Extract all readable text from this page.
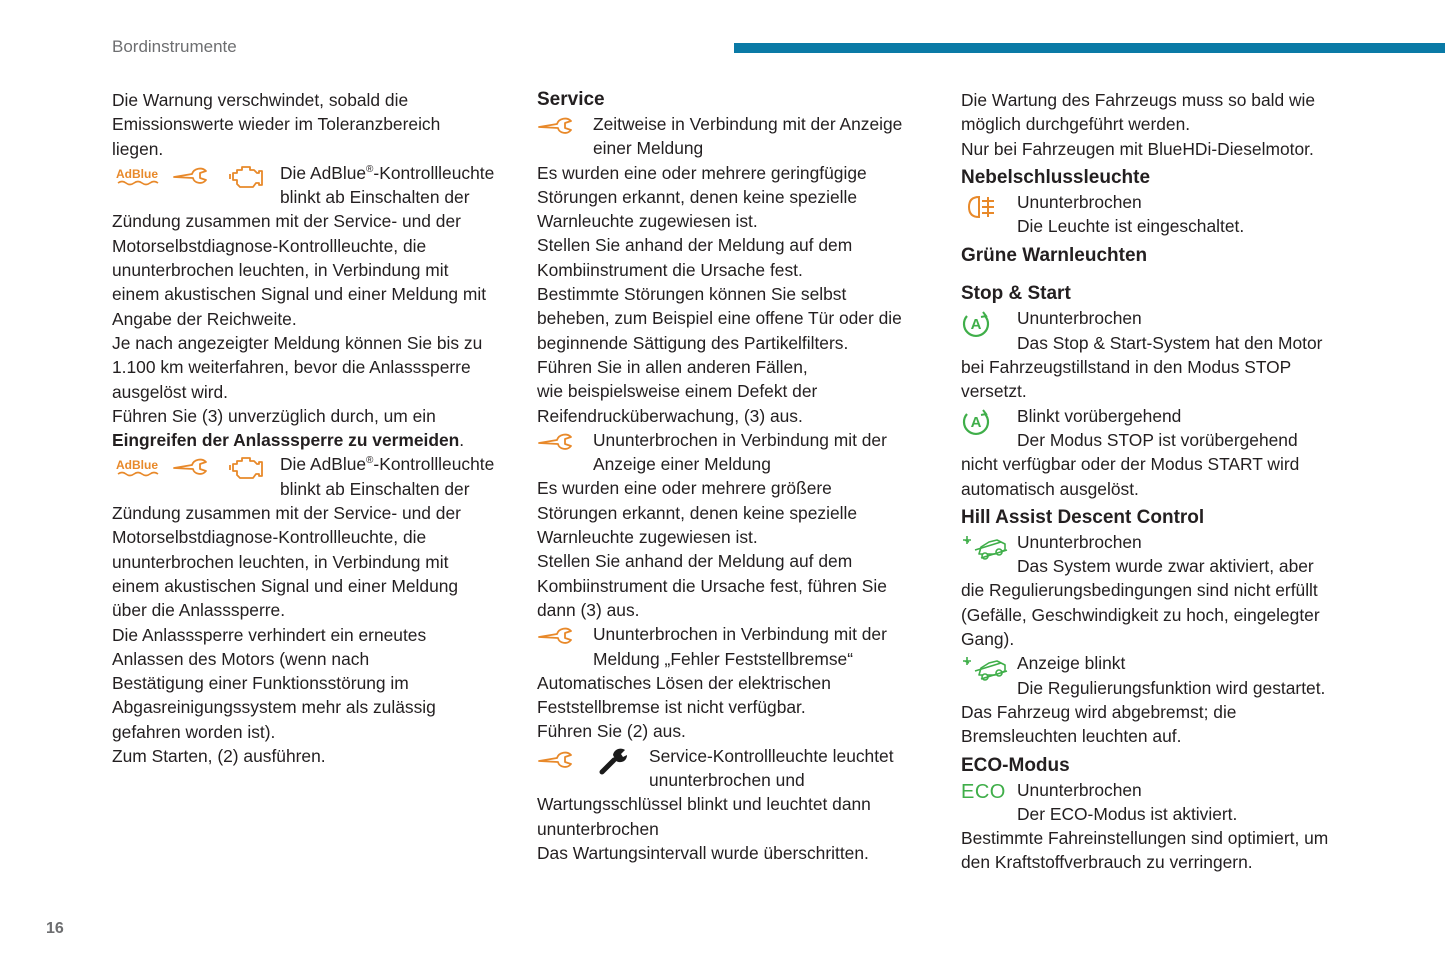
Bordinstrumente
16

Die Warnung verschwindet, sobald die

Emissionswerte wieder im Toleranzbereich

liegen.

AdBlue	Die AdBlue®-Kontrollleuchte

blinkt ab Einschalten der

Zündung zusammen mit der Service- und der

Motorselbstdiagnose-Kontrollleuchte, die

ununterbrochen leuchten, in Verbindung mit

einem akustischen Signal und einer Meldung mit

Angabe der Reichweite.

Je nach angezeigter Meldung können Sie bis zu

1.100 km weiterfahren, bevor die Anlasssperre

ausgelöst wird.

Führen Sie (3) unverzüglich durch, um ein

Eingreifen der Anlasssperre zu vermeiden.

AdBlue	Die AdBlue®-Kontrollleuchte

blinkt ab Einschalten der

Zündung zusammen mit der Service- und der

Motorselbstdiagnose-Kontrollleuchte, die

ununterbrochen leuchten, in Verbindung mit

einem akustischen Signal und einer Meldung

über die Anlasssperre.

Die Anlasssperre verhindert ein erneutes

Anlassen des Motors (wenn nach

Bestätigung einer Funktionsstörung im

Abgasreinigungssystem mehr als zulässig

gefahren worden ist).

Zum Starten, (2) ausführen.

Service

Zeitweise in Verbindung mit der Anzeige

einer Meldung

Es wurden eine oder mehrere geringfügige

Störungen erkannt, denen keine spezielle

Warnleuchte zugewiesen ist.

Stellen Sie anhand der Meldung auf dem

Kombiinstrument die Ursache fest.

Bestimmte Störungen können Sie selbst

beheben, zum Beispiel eine offene Tür oder die

beginnende Sättigung des Partikelfilters.

Führen Sie in allen anderen Fällen,

wie beispielsweise einem Defekt der

Reifendrucküberwachung, (3) aus.

Ununterbrochen in Verbindung mit der

Anzeige einer Meldung

Es wurden eine oder mehrere größere

Störungen erkannt, denen keine spezielle

Warnleuchte zugewiesen ist.

Stellen Sie anhand der Meldung auf dem

Kombiinstrument die Ursache fest, führen Sie

dann (3) aus.

Ununterbrochen in Verbindung mit der

Meldung „Fehler Feststellbremse“

Automatisches Lösen der elektrischen

Feststellbremse ist nicht verfügbar.

Führen Sie (2) aus.

Service-Kontrollleuchte leuchtet

ununterbrochen und

Wartungsschlüssel blinkt und leuchtet dann

ununterbrochen

Das Wartungsintervall wurde überschritten.

Die Wartung des Fahrzeugs muss so bald wie

möglich durchgeführt werden.

Nur bei Fahrzeugen mit BlueHDi-Dieselmotor.

Nebelschlussleuchte

Ununterbrochen

Die Leuchte ist eingeschaltet.

Grüne Warnleuchten

Stop & Start

A Ununterbrochen

Das Stop & Start-System hat den Motor

bei Fahrzeugstillstand in den Modus STOP

versetzt.

A Blinkt vorübergehend

Der Modus STOP ist vorübergehend

nicht verfügbar oder der Modus START wird

automatisch ausgelöst.

Hill Assist Descent Control

Ununterbrochen

Das System wurde zwar aktiviert, aber

die Regulierungsbedingungen sind nicht erfüllt

(Gefälle, Geschwindigkeit zu hoch, eingelegter

Gang).

Anzeige blinkt

Die Regulierungsfunktion wird gestartet.

Das Fahrzeug wird abgebremst; die

Bremsleuchten leuchten auf.

ECO-Modus

ECO Ununterbrochen

Der ECO-Modus ist aktiviert.

Bestimmte Fahreinstellungen sind optimiert, um

den Kraftstoffverbrauch zu verringern.
